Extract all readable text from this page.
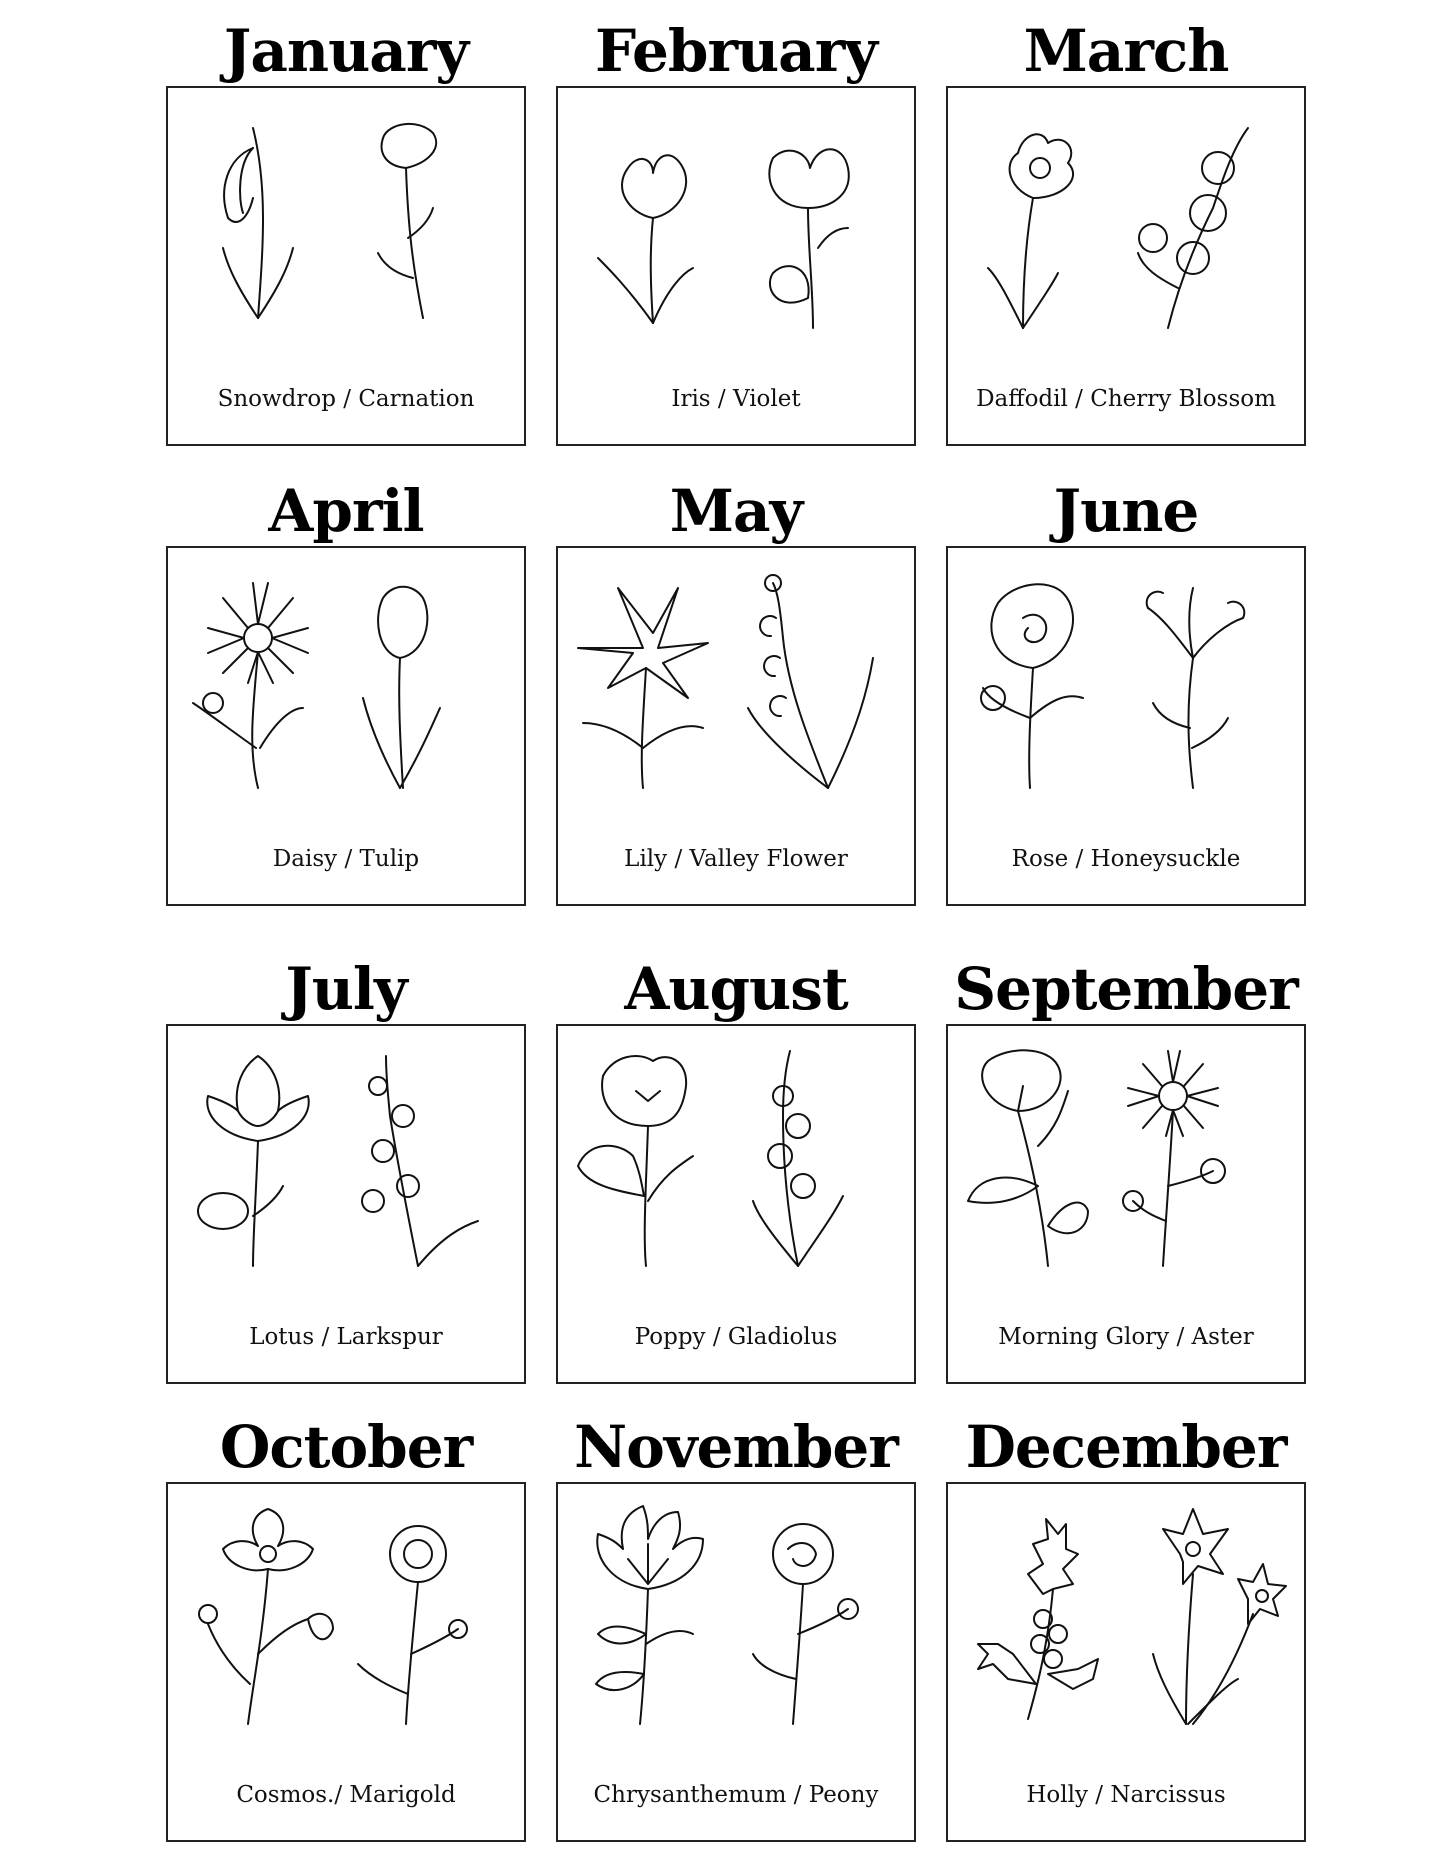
January
Snowdrop / Carnation
February
Iris / Violet
March
Daffodil / Cherry Blossom
April
Daisy / Tulip
May
Lily / Valley Flower
June
Rose / Honeysuckle
July
Lotus / Larkspur
August
Poppy / Gladiolus
September
Morning Glory / Aster
October
Cosmos./ Marigold
November
Chrysanthemum / Peony
December
Holly / Narcissus
